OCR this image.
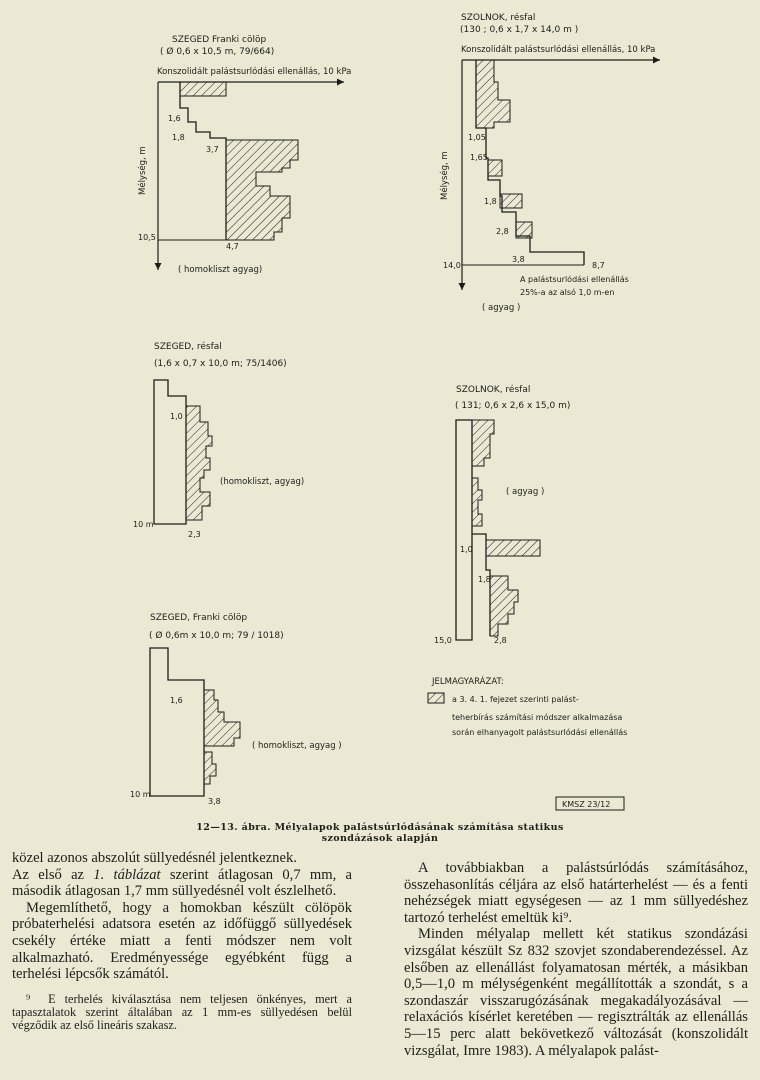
SZEGED Franki cölöp
( Ø 0,6 x 10,5 m, 79/664)
Konszolidált palástsurlódási ellenállás, 10 kPa
Mélység, m
1,6
1,8
3,7
10,5
4,7
( homokliszt agyag)
SZOLNOK, résfal
(130 ; 0,6 x 1,7 x 14,0 m )
Konszolidált palástsurlódási ellenállás, 10 kPa
Mélység, m
1,05
1,65
1,8
2,8
3,8
14,0	8,7
A palástsurlódási ellenállás
25%-a az alsó 1,0 m-en
( agyag )
SZEGED, résfal
(1,6 x 0,7 x 10,0 m; 75/1406)
1,0
10 m
2,3
(homokliszt, agyag)
SZOLNOK, résfal
( 131; 0,6 x 2,6 x 15,0 m)
1,0
1,8
15,0	2,8
( agyag )
SZEGED, Franki cölöp
( Ø 0,6m x 10,0 m; 79 / 1018)
1,6
10 m
3,8
( homokliszt, agyag )
JELMAGYARÁZAT:
a 3. 4. 1. fejezet szerinti palást-
teherbírás számítási módszer alkalmazása
során elhanyagolt palástsurlódási ellenállás
KMSZ 23/12
12—13. ábra. Mélyalapok palástsúrlódásának számítása statikus
szondázások alapján

közel azonos abszolút süllyedésnél jelentkeznek.

Az első az 1. táblázat szerint átlagosan 0,7 mm, a második átlagosan 1,7 mm süllyedésnél volt észlelhető.

Megemlíthető, hogy a homokban készült cölöpök próbaterhelési adatsora esetén az időfüggő süllyedések csekély értéke miatt a fenti módszer nem volt alkalmazható. Eredményessége egyébként függ a terhelési lépcsők számától.

⁹ E terhelés kiválasztása nem teljesen önkényes, mert a tapasztalatok szerint általában az 1 mm-es süllyedésen belül végződik az első lineáris szakasz.

A továbbiakban a palástsúrlódás számításához, összehasonlítás céljára az első határterhelést — és a fenti nehézségek miatt egységesen — az 1 mm süllyedéshez tartozó terhelést emeltük ki⁹.

Minden mélyalap mellett két statikus szondázási vizsgálat készült Sz 832 szovjet szondaberendezéssel. Az elsőben az ellenállást folyamatosan mérték, a másikban 0,5—1,0 m mélységenként megállították a szondát, s a szondaszár visszarugózásának megakadályozásával — relaxációs kísérlet keretében — regisztrálták az ellenállás 5—15 perc alatt bekövetkező változását (konszolidált vizsgálat, Imre 1983). A mélyalapok palást-
